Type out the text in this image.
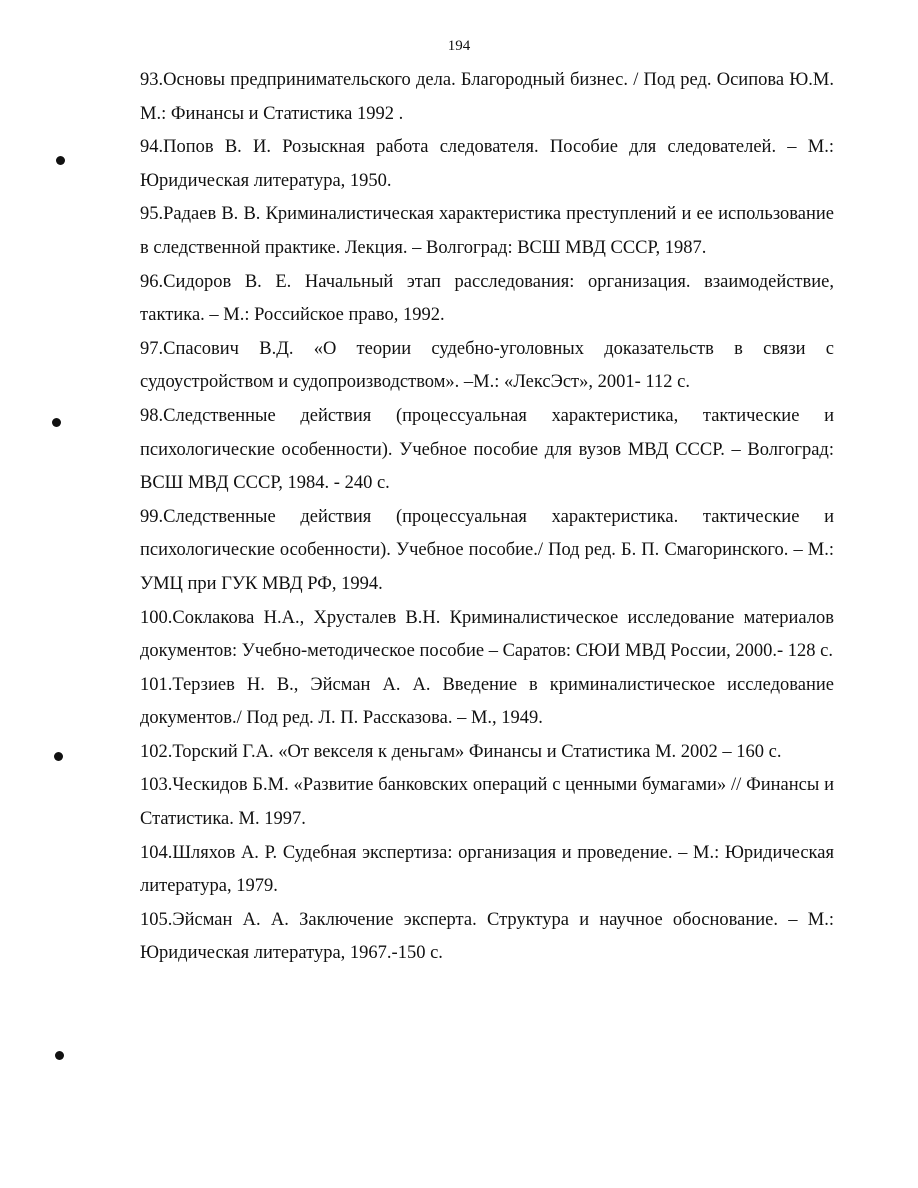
194

93.Основы предпринимательского дела. Благородный бизнес. / Под ред. Осипова Ю.М. М.: Финансы и Статистика 1992 .

94.Попов В. И. Розыскная работа следователя. Пособие для следователей. – М.: Юридическая литература, 1950.

95.Радаев В. В. Криминалистическая характеристика преступлений и ее использование в следственной практике. Лекция. – Волгоград: ВСШ МВД СССР, 1987.

96.Сидоров В. Е. Начальный этап расследования: организация. взаимодействие, тактика. – М.: Российское право, 1992.

97.Спасович В.Д. «О теории судебно-уголовных доказательств в связи с судоустройством и судопроизводством». –М.: «ЛексЭст», 2001- 112 с.

98.Следственные действия (процессуальная характеристика, тактические и психологические особенности). Учебное пособие для вузов МВД СССР. – Волгоград: ВСШ МВД СССР, 1984. - 240 с.

99.Следственные действия (процессуальная характеристика. тактические и психологические особенности). Учебное пособие./ Под ред. Б. П. Смагоринского. – М.: УМЦ при ГУК МВД РФ, 1994.

100.Соклакова Н.А., Хрусталев В.Н. Криминалистическое исследование материалов документов: Учебно-методическое пособие – Саратов: СЮИ МВД России, 2000.- 128 с.

101.Терзиев Н. В., Эйсман А. А. Введение в криминалистическое исследование документов./ Под ред. Л. П. Рассказова. – М., 1949.

102.Торский Г.А. «От векселя к деньгам» Финансы и Статистика М. 2002 – 160 с.

103.Ческидов Б.М. «Развитие банковских операций с ценными бумагами» // Финансы и Статистика. М. 1997.

104.Шляхов А. Р. Судебная экспертиза: организация и проведение. – М.: Юридическая литература, 1979.

105.Эйсман А. А. Заключение эксперта. Структура и научное обоснование. – М.: Юридическая литература, 1967.-150 с.
